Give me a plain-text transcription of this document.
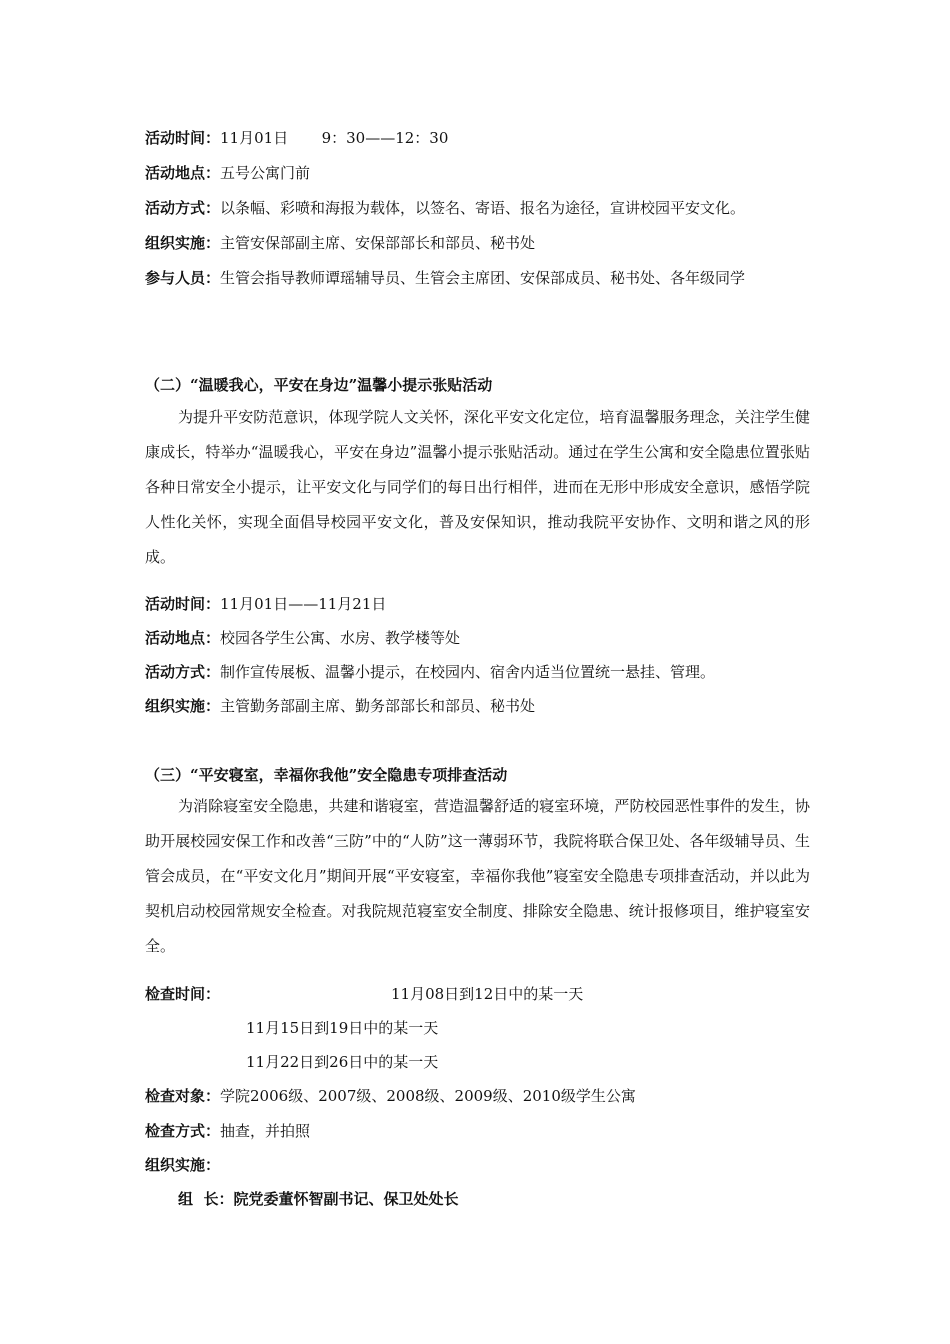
活动时间：11月01日       9：30——12：30
活动地点：五号公寓门前
活动方式：以条幅、彩喷和海报为载体，以签名、寄语、报名为途径，宣讲校园平安文化。
组织实施：主管安保部副主席、安保部部长和部员、秘书处
参与人员：生管会指导教师谭瑶辅导员、生管会主席团、安保部成员、秘书处、各年级同学
（二）“温暖我心，平安在身边”温馨小提示张贴活动
为提升平安防范意识，体现学院人文关怀，深化平安文化定位，培育温馨服务理念，关注学生健康成长，特举办“温暖我心，平安在身边”温馨小提示张贴活动。通过在学生公寓和安全隐患位置张贴各种日常安全小提示，让平安文化与同学们的每日出行相伴，进而在无形中形成安全意识，感悟学院人性化关怀，实现全面倡导校园平安文化，普及安保知识，推动我院平安协作、文明和谐之风的形成。
活动时间：11月01日——11月21日
活动地点：校园各学生公寓、水房、教学楼等处
活动方式：制作宣传展板、温馨小提示，在校园内、宿舍内适当位置统一悬挂、管理。
组织实施：主管勤务部副主席、勤务部部长和部员、秘书处
（三）“平安寝室，幸福你我他”安全隐患专项排查活动
为消除寝室安全隐患，共建和谐寝室，营造温馨舒适的寝室环境，严防校园恶性事件的发生，协助开展校园安保工作和改善“三防”中的“人防”这一薄弱环节，我院将联合保卫处、各年级辅导员、生管会成员，在“平安文化月”期间开展“平安寝室，幸福你我他”寝室安全隐患专项排查活动，并以此为契机启动校园常规安全检查。对我院规范寝室安全制度、排除安全隐患、统计报修项目，维护寝室安全。
检查时间：	11月08日到12日中的某一天
11月15日到19日中的某一天
11月22日到26日中的某一天
检查对象：学院2006级、2007级、2008级、2009级、2010级学生公寓
检查方式：抽查，并拍照
组织实施：
组  长：院党委董怀智副书记、保卫处处长
